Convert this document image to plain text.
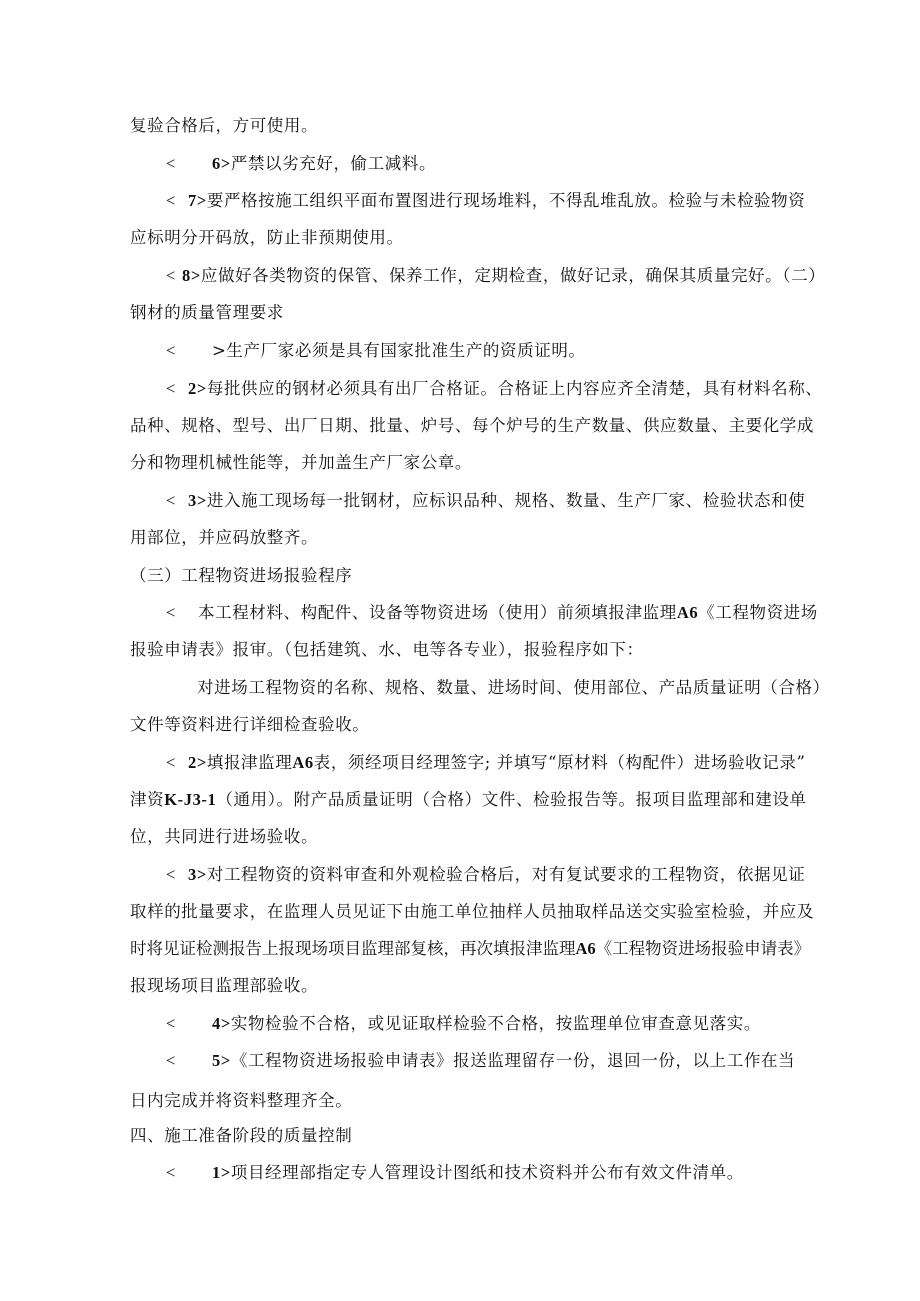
复验合格后，方可使用。
< 6>严禁以劣充好，偷工减料。
< 7>要严格按施工组织平面布置图进行现场堆料，不得乱堆乱放。检验与未检验物资
应标明分开码放，防止非预期使用。
< 8>应做好各类物资的保管、保养工作，定期检查，做好记录，确保其质量完好。（二）
钢材的质量管理要求
< >生产厂家必须是具有国家批准生产的资质证明。
< 2>每批供应的钢材必须具有出厂合格证。合格证上内容应齐全清楚，具有材料名称、
品种、规格、型号、出厂日期、批量、炉号、每个炉号的生产数量、供应数量、主要化学成
分和物理机械性能等，并加盖生产厂家公章。
< 3>进入施工现场每一批钢材，应标识品种、规格、数量、生产厂家、检验状态和使
用部位，并应码放整齐。
（三）工程物资进场报验程序
< 本工程材料、构配件、设备等物资进场（使用）前须填报津监理A6《工程物资进场
报验申请表》报审。（包括建筑、水、电等各专业），报验程序如下：
对进场工程物资的名称、规格、数量、进场时间、使用部位、产品质量证明（合格）
文件等资料进行详细检查验收。
< 2>填报津监理A6表，须经项目经理签字; 并填写“原材料（构配件）进场验收记录”
津资K-J3-1（通用）。附产品质量证明（合格）文件、检验报告等。报项目监理部和建设单
位，共同进行进场验收。
< 3>对工程物资的资料审查和外观检验合格后，对有复试要求的工程物资，依据见证
取样的批量要求，在监理人员见证下由施工单位抽样人员抽取样品送交实验室检验，并应及
时将见证检测报告上报现场项目监理部复核，再次填报津监理A6《工程物资进场报验申请表》
报现场项目监理部验收。
< 4>实物检验不合格，或见证取样检验不合格，按监理单位审查意见落实。
< 5>《工程物资进场报验申请表》报送监理留存一份，退回一份，以上工作在当
日内完成并将资料整理齐全。
四、施工准备阶段的质量控制
< 1>项目经理部指定专人管理设计图纸和技术资料并公布有效文件清单。
